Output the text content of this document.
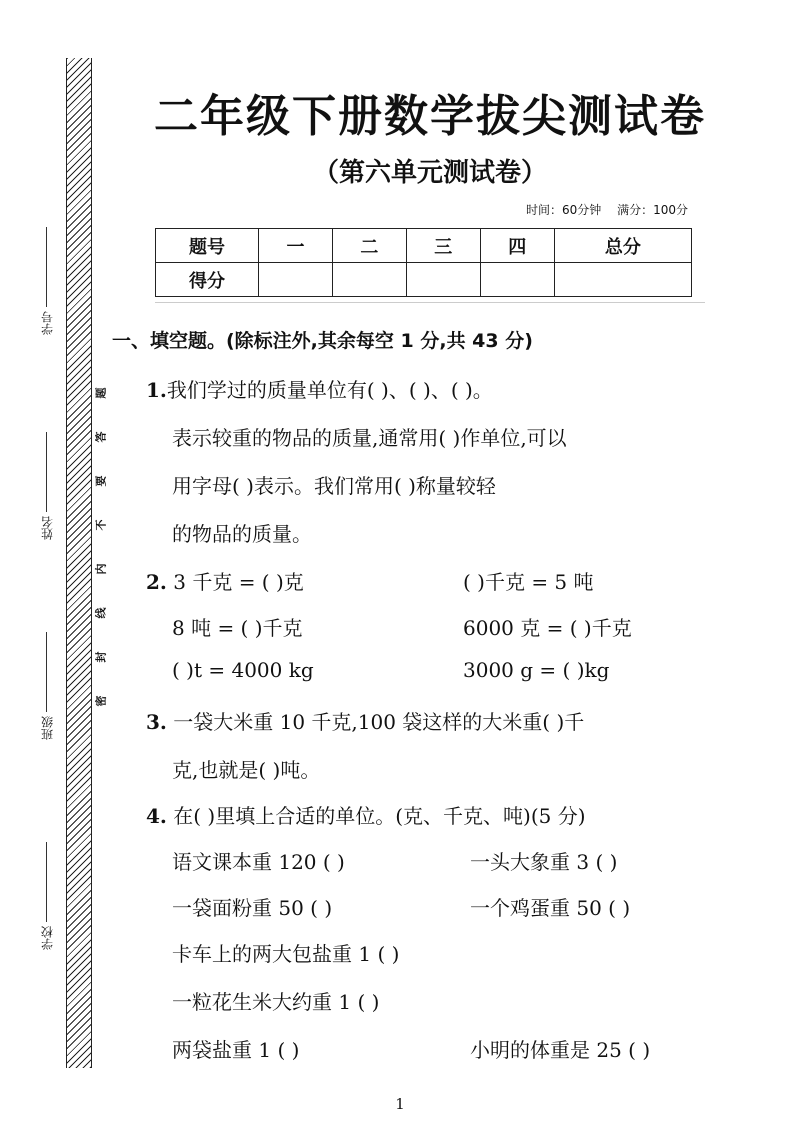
学号
姓名
班级
学校
题
答
要
不
内
线
封
密
二年级下册数学拔尖测试卷
（第六单元测试卷）
时间：60分钟 满分：100分
题号	一	二	三	四	总分
得分					
一、填空题。(除标注外,其余每空 1 分,共 43 分)
1.我们学过的质量单位有( )、( )、( )。
表示较重的物品的质量,通常用( )作单位,可以
用字母( )表示。我们常用( )称量较轻
的物品的质量。
2. 3 千克 = ( )克	( )千克 = 5 吨
8 吨 = ( )千克	6000 克 = ( )千克
( )t = 4000 kg	3000 g = ( )kg
3. 一袋大米重 10 千克,100 袋这样的大米重( )千
克,也就是( )吨。
4. 在( )里填上合适的单位。(克、千克、吨)(5 分)
语文课本重 120 ( )	一头大象重 3 ( )
一袋面粉重 50 ( )	一个鸡蛋重 50 ( )
卡车上的两大包盐重 1 ( )
一粒花生米大约重 1 ( )
两袋盐重 1 ( )	小明的体重是 25 ( )
1
